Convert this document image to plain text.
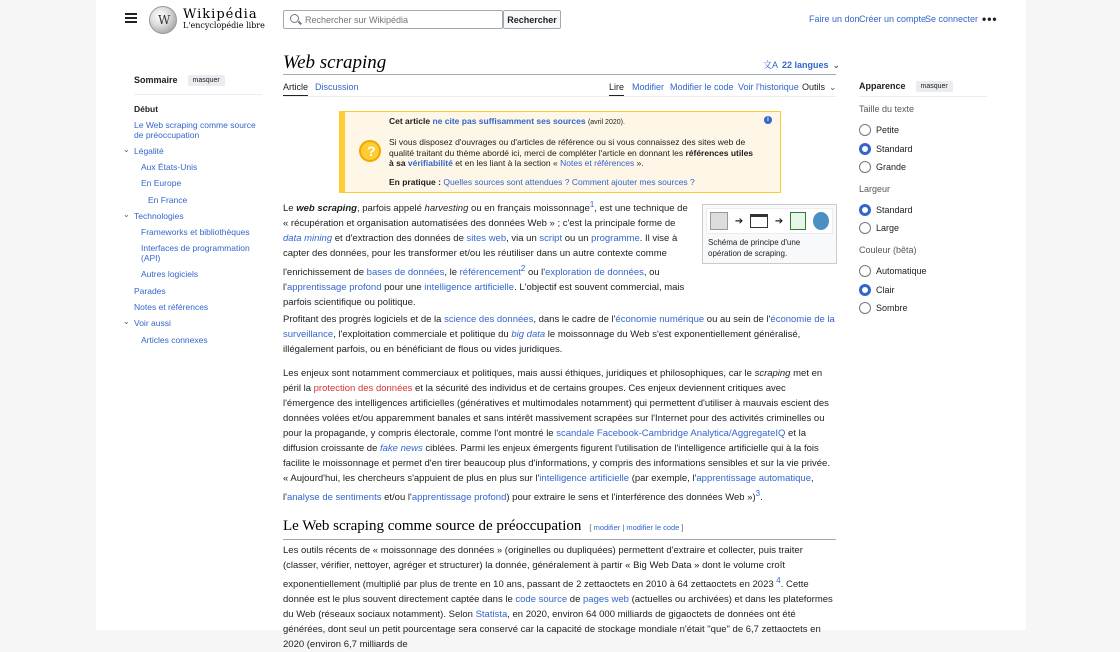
W
Wikipédia
L'encyclopédie libre
Rechercher sur Wikipédia
Rechercher	Faire un don Créer un compte
Se connecter •••
Sommaire	masquer
Début
Le Web scraping comme source de préoccupation
⌄ Légalité
Aux États-Unis
En Europe
En France
⌄ Technologies
Frameworks et bibliothèques
Interfaces de programmation (API)
Autres logiciels
Parades
Notes et références
⌄ Voir aussi
Articles connexes
Web scraping	文A 22 langues ⌄
Article Discussion	Lire Modifier Modifier le code Voir l'historique Outils ⌄
?
i
Cet article ne cite pas suffisamment ses sources (avril 2020).
Si vous disposez d'ouvrages ou d'articles de référence ou si vous connaissez des sites web de qualité traitant du thème abordé ici, merci de compléter l'article en donnant les références utiles à sa vérifiabilité et en les liant à la section « Notes et références ».
En pratique : Quelles sources sont attendues ? Comment ajouter mes sources ?
➔	➔
Schéma de principe d'une opération de scraping.
Le web scraping, parfois appelé harvesting ou en français moissonnage$^1$, est une technique de « récupération et organisation automatisées des données Web » ; c'est la principale forme de data mining et d'extraction des données de sites web, via un script ou un programme. Il vise à capter des données, pour les transformer et/ou les réutiliser dans un autre contexte comme l'enrichissement de bases de données, le référencement$^2$ ou l'exploration de données, ou l'apprentissage profond pour une intelligence artificielle. L'objectif est souvent commercial, mais parfois scientifique ou politique.
Profitant des progrès logiciels et de la science des données, dans le cadre de l'économie numérique ou au sein de l'économie de la surveillance, l'exploitation commerciale et politique du big data le moissonnage du Web s'est exponentiellement généralisé, illégalement parfois, ou en bénéficiant de flous ou vides juridiques.
Les enjeux sont notamment commerciaux et politiques, mais aussi éthiques, juridiques et philosophiques, car le scraping met en péril la protection des données et la sécurité des individus et de certains groupes. Ces enjeux deviennent critiques avec l'émergence des intelligences artificielles (génératives et multimodales notamment) qui permettent d'utiliser à mauvais escient des données volées et/ou apparemment banales et sans intérêt massivement scrapées sur l'Internet pour des activités criminelles ou pour la propagande, y compris électorale, comme l'ont montré le scandale Facebook-Cambridge Analytica/AggregateIQ et la diffusion croissante de fake news ciblées. Parmi les enjeux émergents figurent l'utilisation de l'intelligence artificielle qui à la fois facilite le moissonnage et permet d'en tirer beaucoup plus d'informations, y compris des informations sensibles et sur la vie privée. « Aujourd'hui, les chercheurs s'appuient de plus en plus sur l'intelligence artificielle (par exemple, l'apprentissage automatique, l'analyse de sentiments et/ou l'apprentissage profond) pour extraire le sens et l'interférence des données Web »)$^3$.
Le Web scraping comme source de préoccupation [ modifier | modifier le code ]
Les outils récents de « moissonnage des données » (originelles ou dupliquées) permettent d'extraire et collecter, puis traiter (classer, vérifier, nettoyer, agréger et structurer) la donnée, généralement à partir « Big Web Data » dont le volume croît exponentiellement (multiplié par plus de trente en 10 ans, passant de 2 zettaoctets en 2010 à 64 zettaoctets en 2023 $^4$. Cette donnée est le plus souvent directement captée dans le code source de pages web (actuelles ou archivées) et dans les plateformes du Web (réseaux sociaux notamment). Selon Statista, en 2020, environ 64 000 milliards de gigaoctets de données ont été générées, dont seul un petit pourcentage sera conservé car la capacité de stockage mondiale n'était "que" de 6,7 zettaoctets en 2020 (environ 6,7 milliards de
Apparence	masquer
Taille du texte
Petite
Standard
Grande
Largeur
Standard
Large
Couleur (bêta)
Automatique
Clair
Sombre
